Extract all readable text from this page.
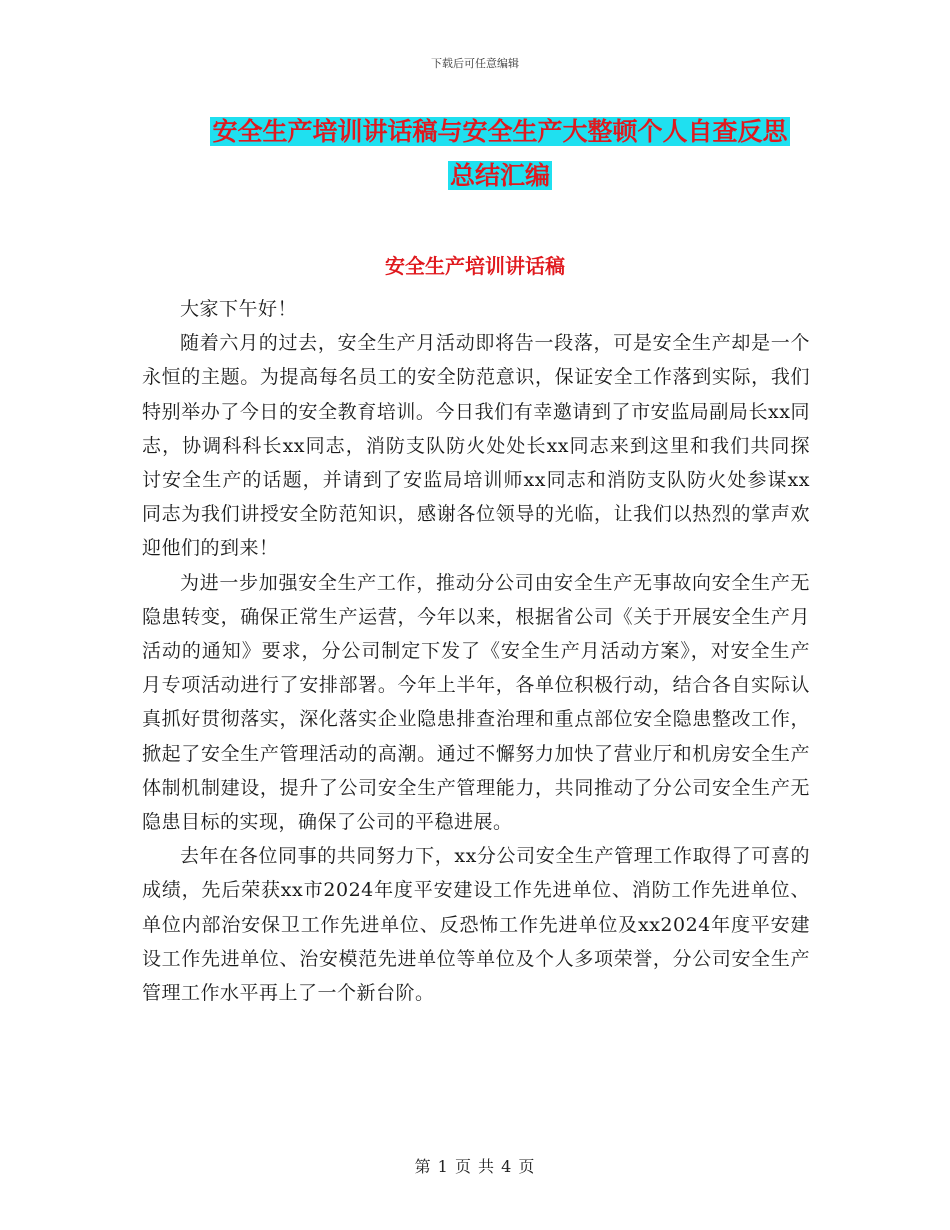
下载后可任意编辑
安全生产培训讲话稿与安全生产大整顿个人自查反思
总结汇编
安全生产培训讲话稿

大家下午好！

随着六月的过去，安全生产月活动即将告一段落，可是安全生产却是一个永恒的主题。为提高每名员工的安全防范意识，保证安全工作落到实际，我们特别举办了今日的安全教育培训。今日我们有幸邀请到了市安监局副局长xx同志，协调科科长xx同志，消防支队防火处处长xx同志来到这里和我们共同探讨安全生产的话题，并请到了安监局培训师xx同志和消防支队防火处参谋xx同志为我们讲授安全防范知识，感谢各位领导的光临，让我们以热烈的掌声欢迎他们的到来！

为进一步加强安全生产工作，推动分公司由安全生产无事故向安全生产无隐患转变，确保正常生产运营，今年以来，根据省公司《关于开展安全生产月活动的通知》要求，分公司制定下发了《安全生产月活动方案》，对安全生产月专项活动进行了安排部署。今年上半年，各单位积极行动，结合各自实际认真抓好贯彻落实，深化落实企业隐患排查治理和重点部位安全隐患整改工作，掀起了安全生产管理活动的高潮。通过不懈努力加快了营业厅和机房安全生产体制机制建设，提升了公司安全生产管理能力，共同推动了分公司安全生产无隐患目标的实现，确保了公司的平稳进展。

去年在各位同事的共同努力下，xx分公司安全生产管理工作取得了可喜的成绩，先后荣获xx市2024年度平安建设工作先进单位、消防工作先进单位、单位内部治安保卫工作先进单位、反恐怖工作先进单位及xx2024年度平安建设工作先进单位、治安模范先进单位等单位及个人多项荣誉，分公司安全生产管理工作水平再上了一个新台阶。

第 1 页 共 4 页
